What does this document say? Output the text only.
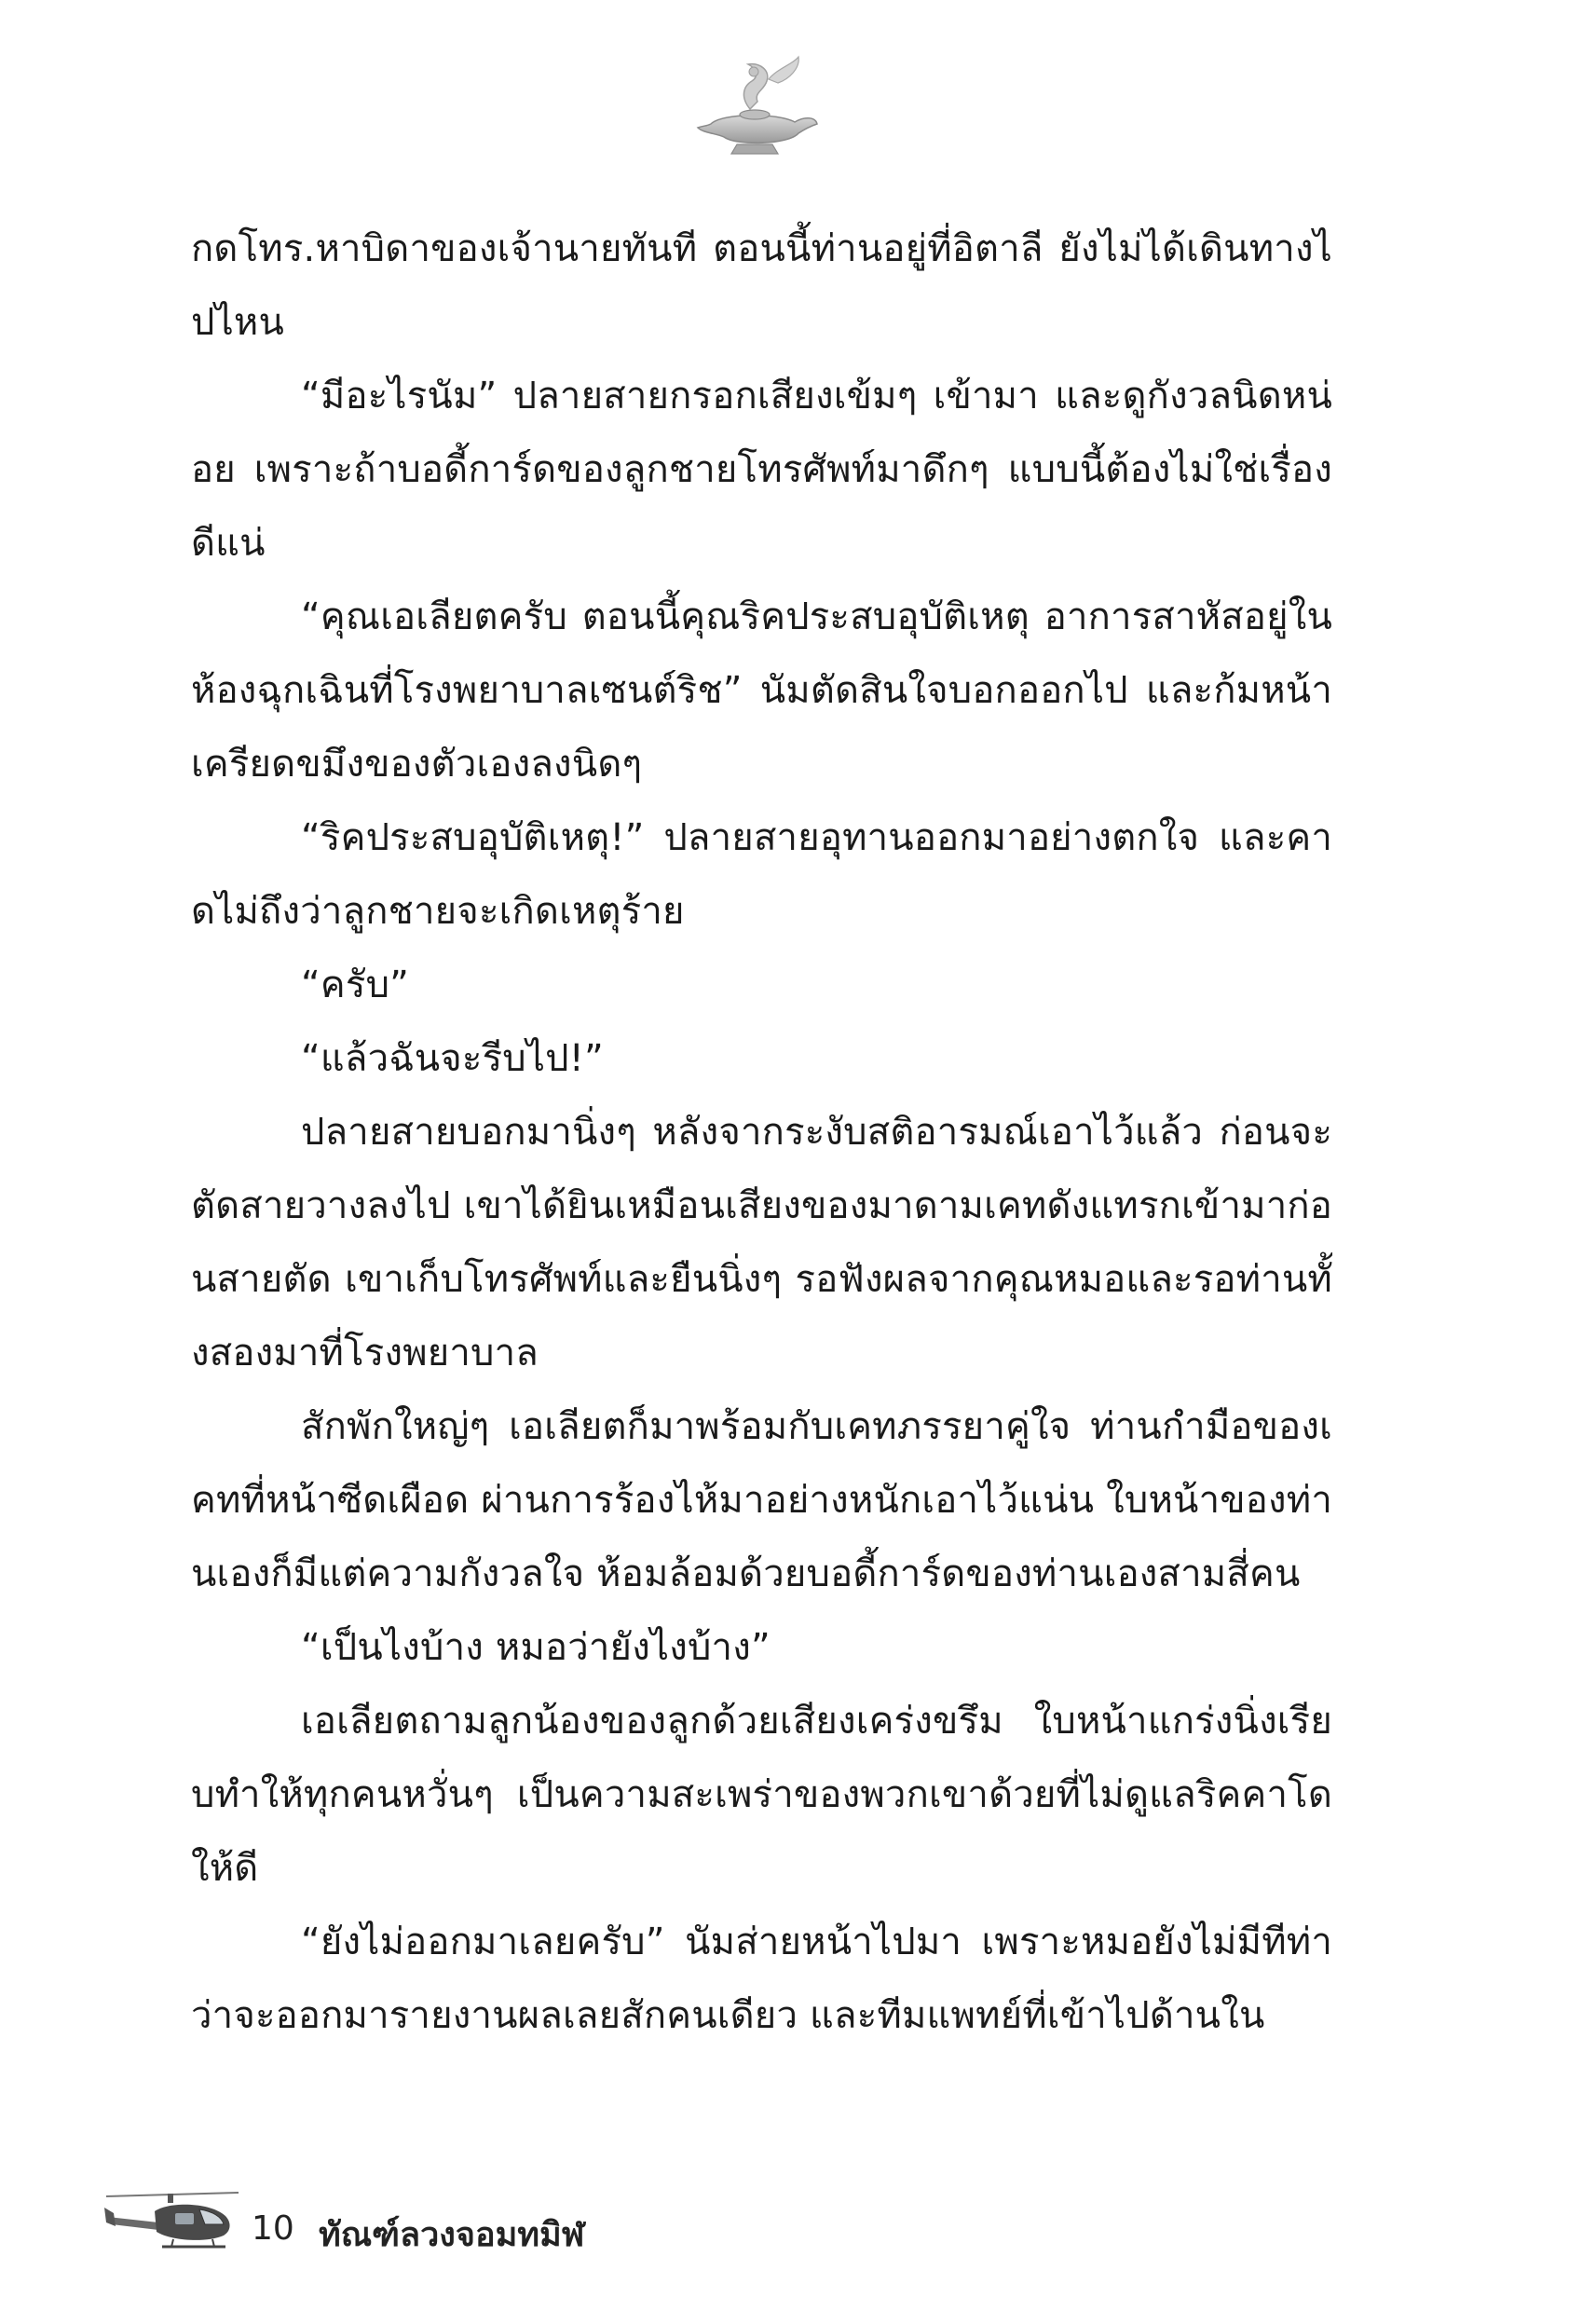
กดโทร.หาบิดาของเจ้านายทันที ตอนนี้ท่านอยู่ที่อิตาลี ยังไม่ได้เดินทางไปไหน

“มีอะไรนัม” ปลายสายกรอกเสียงเข้มๆ เข้ามา และดูกังวลนิดหน่อย เพราะถ้าบอดี้การ์ดของลูกชายโทรศัพท์มาดึกๆ แบบนี้ต้องไม่ใช่เรื่องดีแน่

“คุณเอเลียตครับ ตอนนี้คุณริคประสบอุบัติเหตุ อาการสาหัสอยู่ในห้องฉุกเฉินที่โรงพยาบาลเซนต์ริช” นัมตัดสินใจบอกออกไป และก้มหน้าเครียดขมึงของตัวเองลงนิดๆ

“ริคประสบอุบัติเหตุ!” ปลายสายอุทานออกมาอย่างตกใจ และคาดไม่ถึงว่าลูกชายจะเกิดเหตุร้าย

“ครับ”

“แล้วฉันจะรีบไป!”

ปลายสายบอกมานิ่งๆ หลังจากระงับสติอารมณ์เอาไว้แล้ว ก่อนจะตัดสายวางลงไป เขาได้ยินเหมือนเสียงของมาดามเคทดังแทรกเข้ามาก่อนสายตัด เขาเก็บโทรศัพท์และยืนนิ่งๆ รอฟังผลจากคุณหมอและรอท่านทั้งสองมาที่โรงพยาบาล

สักพักใหญ่ๆ เอเลียตก็มาพร้อมกับเคทภรรยาคู่ใจ ท่านกำมือของเคทที่หน้าซีดเผือด ผ่านการร้องไห้มาอย่างหนักเอาไว้แน่น ใบหน้าของท่านเองก็มีแต่ความกังวลใจ ห้อมล้อมด้วยบอดี้การ์ดของท่านเองสามสี่คน

“เป็นไงบ้าง หมอว่ายังไงบ้าง”

เอเลียตถามลูกน้องของลูกด้วยเสียงเคร่งขรึม ใบหน้าแกร่งนิ่งเรียบทำให้ทุกคนหวั่นๆ เป็นความสะเพร่าของพวกเขาด้วยที่ไม่ดูแลริคคาโดให้ดี

“ยังไม่ออกมาเลยครับ” นัมส่ายหน้าไปมา เพราะหมอยังไม่มีทีท่าว่าจะออกมารายงานผลเลยสักคนเดียว และทีมแพทย์ที่เข้าไปด้านใน

10 ทัณฑ์ลวงจอมทมิฬ
